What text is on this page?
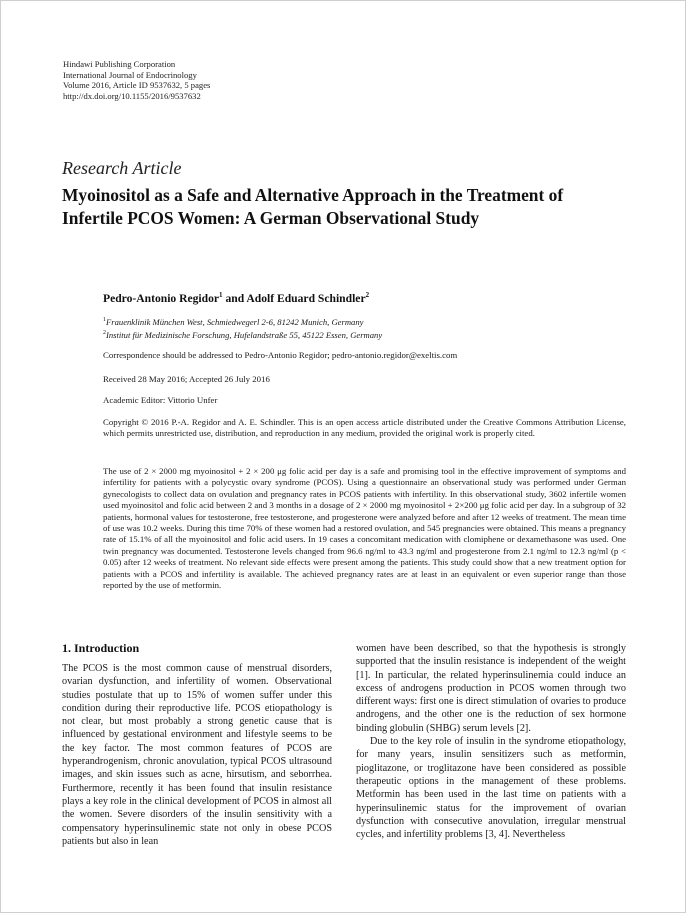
Hindawi Publishing Corporation
International Journal of Endocrinology
Volume 2016, Article ID 9537632, 5 pages
http://dx.doi.org/10.1155/2016/9537632
Research Article
Myoinositol as a Safe and Alternative Approach in the Treatment of Infertile PCOS Women: A German Observational Study
Pedro-Antonio Regidor$^1$ and Adolf Eduard Schindler$^2$
$^1$Frauenklinik München West, Schmiedwegerl 2-6, 81242 Munich, Germany
$^2$Institut für Medizinische Forschung, Hufelandstraße 55, 45122 Essen, Germany
Correspondence should be addressed to Pedro-Antonio Regidor; pedro-antonio.regidor@exeltis.com
Received 28 May 2016; Accepted 26 July 2016
Academic Editor: Vittorio Unfer
Copyright © 2016 P.-A. Regidor and A. E. Schindler. This is an open access article distributed under the Creative Commons Attribution License, which permits unrestricted use, distribution, and reproduction in any medium, provided the original work is properly cited.
The use of 2 × 2000 mg myoinositol + 2 × 200 μg folic acid per day is a safe and promising tool in the effective improvement of symptoms and infertility for patients with a polycystic ovary syndrome (PCOS). Using a questionnaire an observational study was performed under German gynecologists to collect data on ovulation and pregnancy rates in PCOS patients with infertility. In this observational study, 3602 infertile women used myoinositol and folic acid between 2 and 3 months in a dosage of 2 × 2000 mg myoinositol + 2×200 μg folic acid per day. In a subgroup of 32 patients, hormonal values for testosterone, free testosterone, and progesterone were analyzed before and after 12 weeks of treatment. The mean time of use was 10.2 weeks. During this time 70% of these women had a restored ovulation, and 545 pregnancies were obtained. This means a pregnancy rate of 15.1% of all the myoinositol and folic acid users. In 19 cases a concomitant medication with clomiphene or dexamethasone was used. One twin pregnancy was documented. Testosterone levels changed from 96.6 ng/ml to 43.3 ng/ml and progesterone from 2.1 ng/ml to 12.3 ng/ml (p < 0.05) after 12 weeks of treatment. No relevant side effects were present among the patients. This study could show that a new treatment option for patients with a PCOS and infertility is available. The achieved pregnancy rates are at least in an equivalent or even superior range than those reported by the use of metformin.
1. Introduction

The PCOS is the most common cause of menstrual disorders, ovarian dysfunction, and infertility of women. Observational studies postulate that up to 15% of women suffer under this condition during their reproductive life. PCOS etiopathology is not clear, but most probably a strong genetic cause that is influenced by gestational environment and lifestyle seems to be the key factor. The most common features of PCOS are hyperandrogenism, chronic anovulation, typical PCOS ultrasound images, and skin issues such as acne, hirsutism, and seborrhea. Furthermore, recently it has been found that insulin resistance plays a key role in the clinical development of PCOS in almost all the women. Severe disorders of the insulin sensitivity with a compensatory hyperinsulinemic state not only in obese PCOS patients but also in lean

women have been described, so that the hypothesis is strongly supported that the insulin resistance is independent of the weight [1]. In particular, the related hyperinsulinemia could induce an excess of androgens production in PCOS women through two different ways: first one is direct stimulation of ovaries to produce androgens, and the other one is the reduction of sex hormone binding globulin (SHBG) serum levels [2].

Due to the key role of insulin in the syndrome etiopathology, for many years, insulin sensitizers such as metformin, pioglitazone, or troglitazone have been considered as possible therapeutic options in the management of these problems. Metformin has been used in the last time on patients with a hyperinsulinemic status for the improvement of ovarian dysfunction with consecutive anovulation, irregular menstrual cycles, and infertility problems [3, 4]. Nevertheless
